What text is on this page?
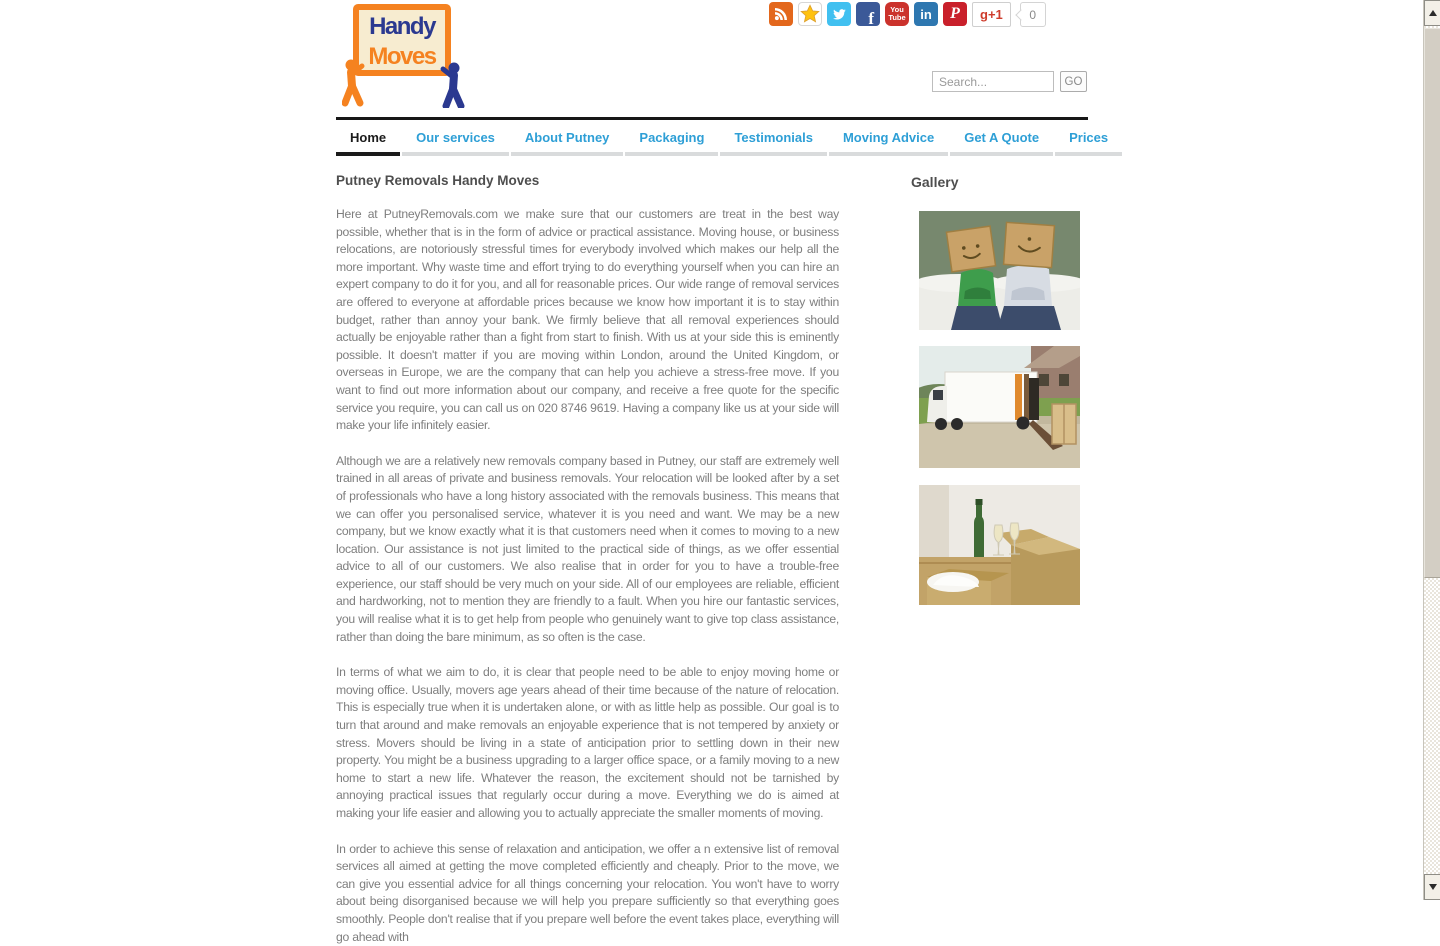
Handy
Moves
f You
Tube in P g+1 0
Search...
GO
Home	Our services	About Putney	Packaging	Testimonials	Moving Advice	Get A Quote	Prices
Putney Removals Handy Moves

Here at PutneyRemovals.com we make sure that our customers are treat in the best way possible, whether that is in the form of advice or practical assistance. Moving house, or business relocations, are notoriously stressful times for everybody involved which makes our help all the more important. Why waste time and effort trying to do everything yourself when you can hire an expert company to do it for you, and all for reasonable prices. Our wide range of removal services are offered to everyone at affordable prices because we know how important it is to stay within budget, rather than annoy your bank. We firmly believe that all removal experiences should actually be enjoyable rather than a fight from start to finish. With us at your side this is eminently possible. It doesn't matter if you are moving within London, around the United Kingdom, or overseas in Europe, we are the company that can help you achieve a stress-free move. If you want to find out more information about our company, and receive a free quote for the specific service you require, you can call us on 020 8746 9619. Having a company like us at your side will make your life infinitely easier.

Although we are a relatively new removals company based in Putney, our staff are extremely well trained in all areas of private and business removals. Your relocation will be looked after by a set of professionals who have a long history associated with the removals business. This means that we can offer you personalised service, whatever it is you need and want. We may be a new company, but we know exactly what it is that customers need when it comes to moving to a new location. Our assistance is not just limited to the practical side of things, as we offer essential advice to all of our customers. We also realise that in order for you to have a trouble-free experience, our staff should be very much on your side. All of our employees are reliable, efficient and hardworking, not to mention they are friendly to a fault. When you hire our fantastic services, you will realise what it is to get help from people who genuinely want to give top class assistance, rather than doing the bare minimum, as so often is the case.

In terms of what we aim to do, it is clear that people need to be able to enjoy moving home or moving office. Usually, movers age years ahead of their time because of the nature of relocation. This is especially true when it is undertaken alone, or with as little help as possible. Our goal is to turn that around and make removals an enjoyable experience that is not tempered by anxiety or stress. Movers should be living in a state of anticipation prior to settling down in their new property. You might be a business upgrading to a larger office space, or a family moving to a new home to start a new life. Whatever the reason, the excitement should not be tarnished by annoying practical issues that regularly occur during a move. Everything we do is aimed at making your life easier and allowing you to actually appreciate the smaller moments of moving.

In order to achieve this sense of relaxation and anticipation, we offer a n extensive list of removal services all aimed at getting the move completed efficiently and cheaply. Prior to the move, we can give you essential advice for all things concerning your relocation. You won't have to worry about being disorganised because we will help you prepare sufficiently so that everything goes smoothly. People don't realise that if you prepare well before the event takes place, everything will go ahead with

Gallery
